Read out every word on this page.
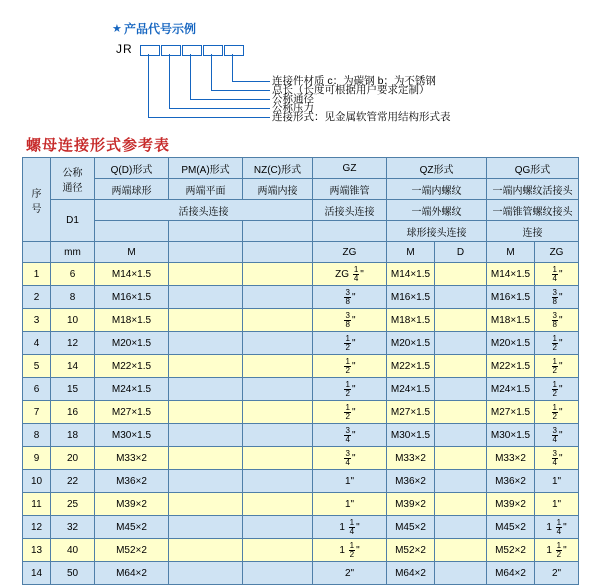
★ 产品代号示例
JR
连接件材质 c：为碳钢 b：为不锈钢
总长（长度可根据用户要求定制）
公称通径
公称压力
连接形式：见金属软管常用结构形式表
螺母连接形式参考表
序
号

公称
通径
	Q(D)形式	PM(A)形式	NZ(C)形式	GZ	QZ形式	QG形式
		两端球形	两端平面	两端内接	两端锥管	一端内螺纹		一端内螺纹活接头	
	D1	活接头连接			活接头连接	一端外螺纹		一端锥管螺纹接头	
						球形接头连接		连接	
	mm	M			ZG	M	D	M	ZG
1	6	M14×1.5			ZG $\frac{1}{4}$ "	M14×1.5		M14×1.5	$\frac{1}{4}$ "
2	8	M16×1.5			$\frac{3}{8}$ "	M16×1.5		M16×1.5	$\frac{3}{8}$ "
3	10	M18×1.5			$\frac{3}{8}$ "	M18×1.5		M18×1.5	$\frac{3}{8}$ "
4	12	M20×1.5			$\frac{1}{2}$ "	M20×1.5		M20×1.5	$\frac{1}{2}$ "
5	14	M22×1.5			$\frac{1}{2}$ "	M22×1.5		M22×1.5	$\frac{1}{2}$ "
6	15	M24×1.5			$\frac{1}{2}$ "	M24×1.5		M24×1.5	$\frac{1}{2}$ "
7	16	M27×1.5			$\frac{1}{2}$ "	M27×1.5		M27×1.5	$\frac{1}{2}$ "
8	18	M30×1.5			$\frac{3}{4}$ "	M30×1.5		M30×1.5	$\frac{3}{4}$ "
9	20	M33×2			$\frac{3}{4}$ "	M33×2		M33×2	$\frac{3}{4}$ "
10	22	M36×2			1"	M36×2		M36×2	1"
11	25	M39×2			1"	M39×2		M39×2	1"
12	32	M45×2			$1 \frac{1}{4}$ "	M45×2		M45×2	$1 \frac{1}{4}$ "
13	40	M52×2			$1 \frac{1}{2}$ "	M52×2		M52×2	$1 \frac{1}{2}$ "
14	50	M64×2			2"	M64×2		M64×2	2"
